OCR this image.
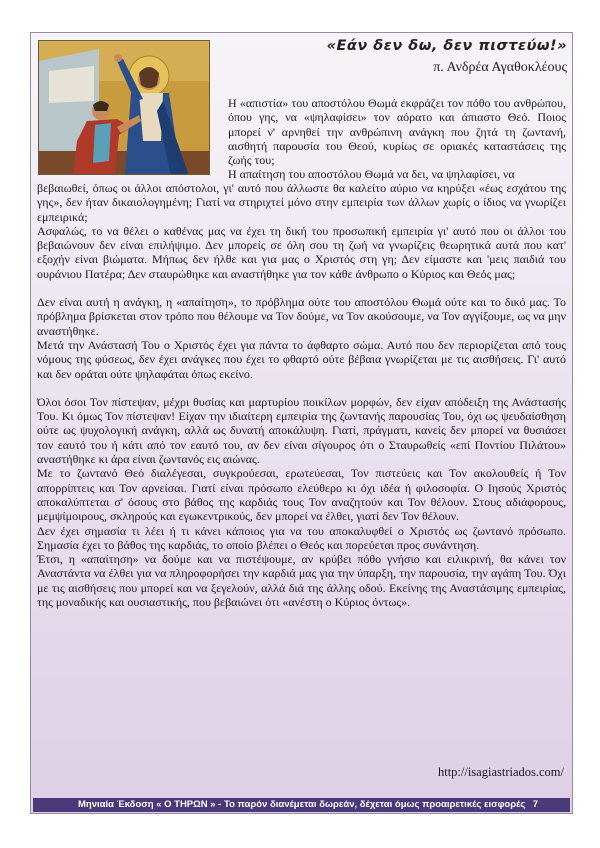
«Εάν δεν δω, δεν πιστεύω!»
π. Ανδρέα Αγαθοκλέους

Η «απιστία» του αποστόλου Θωμά εκφράζει τον πόθο του ανθρώπου, όπου γης, να «ψηλαφίσει» τον αόρατο και άπιαστο Θεό. Ποιος μπορεί ν' αρνηθεί την ανθρώπινη ανάγκη που ζητά τη ζωντανή, αισθητή παρουσία του Θεού, κυρίως σε οριακές καταστάσεις της ζωής του;

Η απαίτηση του αποστόλου Θωμά να δει, να ψηλαφίσει, να

βεβαιωθεί, όπως οι άλλοι απόστολοι, γι' αυτό που άλλωστε θα καλείτο αύριο να κηρύξει «έως εσχάτου της γης», δεν ήταν δικαιολογημένη; Γιατί να στηριχτεί μόνο στην εμπειρία των άλλων χωρίς ο ίδιος να γνωρίζει εμπειρικά;

Ασφαλώς, το να θέλει ο καθένας μας να έχει τη δική του προσωπική εμπειρία γι' αυτό που οι άλλοι του βεβαιώνουν δεν είναι επιλήψιμο. Δεν μπορείς σε όλη σου τη ζωή να γνωρίζεις θεωρητικά αυτά που κατ' εξοχήν είναι βιώματα. Μήπως δεν ήλθε και για μας ο Χριστός στη γη; Δεν είμαστε και 'μεις παιδιά του ουράνιου Πατέρα; Δεν σταυρώθηκε και αναστήθηκε για τον κάθε άνθρωπο ο Κύριος και Θεός μας;

Δεν είναι αυτή η ανάγκη, η «απαίτηση», το πρόβλημα ούτε του αποστόλου Θωμά ούτε και το δικό μας. Το πρόβλημα βρίσκεται στον τρόπο που θέλουμε να Τον δούμε, να Τον ακούσουμε, να Τον αγγίξουμε, ως να μην αναστήθηκε.

Μετά την Ανάστασή Του ο Χριστός έχει για πάντα το άφθαρτο σώμα. Αυτό που δεν περιορίζεται από τους νόμους της φύσεως, δεν έχει ανάγκες που έχει το φθαρτό ούτε βέβαια γνωρίζεται με τις αισθήσεις. Γι' αυτό και δεν οράται ούτε ψηλαφάται όπως εκείνο.

Όλοι όσοι Τον πίστεψαν, μέχρι θυσίας και μαρτυρίου ποικίλων μορφών, δεν είχαν απόδειξη της Ανάστασής Του. Κι όμως Τον πίστεψαν! Είχαν την ιδιαίτερη εμπειρία της ζωντανής παρουσίας Του, όχι ως ψευδαίσθηση ούτε ως ψυχολογική ανάγκη, αλλά ως δυνατή αποκάλυψη. Γιατί, πράγματι, κανείς δεν μπορεί να θυσιάσει τον εαυτό του ή κάτι από τον εαυτό του, αν δεν είναι σίγουρος ότι ο Σταυρωθείς «επί Ποντίου Πιλάτου» αναστήθηκε κι άρα είναι ζωντανός εις αιώνας.

Με το ζωντανό Θεό διαλέγεσαι, συγκρούεσαι, ερωτεύεσαι, Τον πιστεύεις και Τον ακολουθείς ή Τον απορρίπτεις και Τον αρνείσαι. Γιατί είναι πρόσωπο ελεύθερο κι όχι ιδέα ή φιλοσοφία. Ο Ιησούς Χριστός αποκαλύπτεται σ' όσους στο βάθος της καρδιάς τους Τον αναζητούν και Τον θέλουν. Στους αδιάφορους, μεμψίμοιρους, σκληρούς και εγωκεντρικούς, δεν μπορεί να έλθει, γιατί δεν Τον θέλουν.

Δεν έχει σημασία τι λέει ή τι κάνει κάποιος για να του αποκαλυφθεί ο Χριστός ως ζωντανό πρόσωπο. Σημασία έχει το βάθος της καρδιάς, το οποίο βλέπει ο Θεός και πορεύεται προς συνάντηση.

Έτσι, η «απαίτηση» να δούμε και να πιστέψουμε, αν κρύβει πόθο γνήσιο και ειλικρινή, θα κάνει τον Αναστάντα να έλθει για να πληροφορήσει την καρδιά μας για την ύπαρξη, την παρουσία, την αγάπη Του. Όχι με τις αισθήσεις που μπορεί και να ξεγελούν, αλλά διά της άλλης οδού. Εκείνης της Αναστάσιμης εμπειρίας, της μοναδικής και ουσιαστικής, που βεβαιώνει ότι «ανέστη ο Κύριος όντως».

http://isagiastriados.com/
Μηνιαία Έκδοση « Ο ΤΗΡΩΝ » - Το παρόν διανέμεται δωρεάν, δέχεται όμως προαιρετικές εισφορές 7
